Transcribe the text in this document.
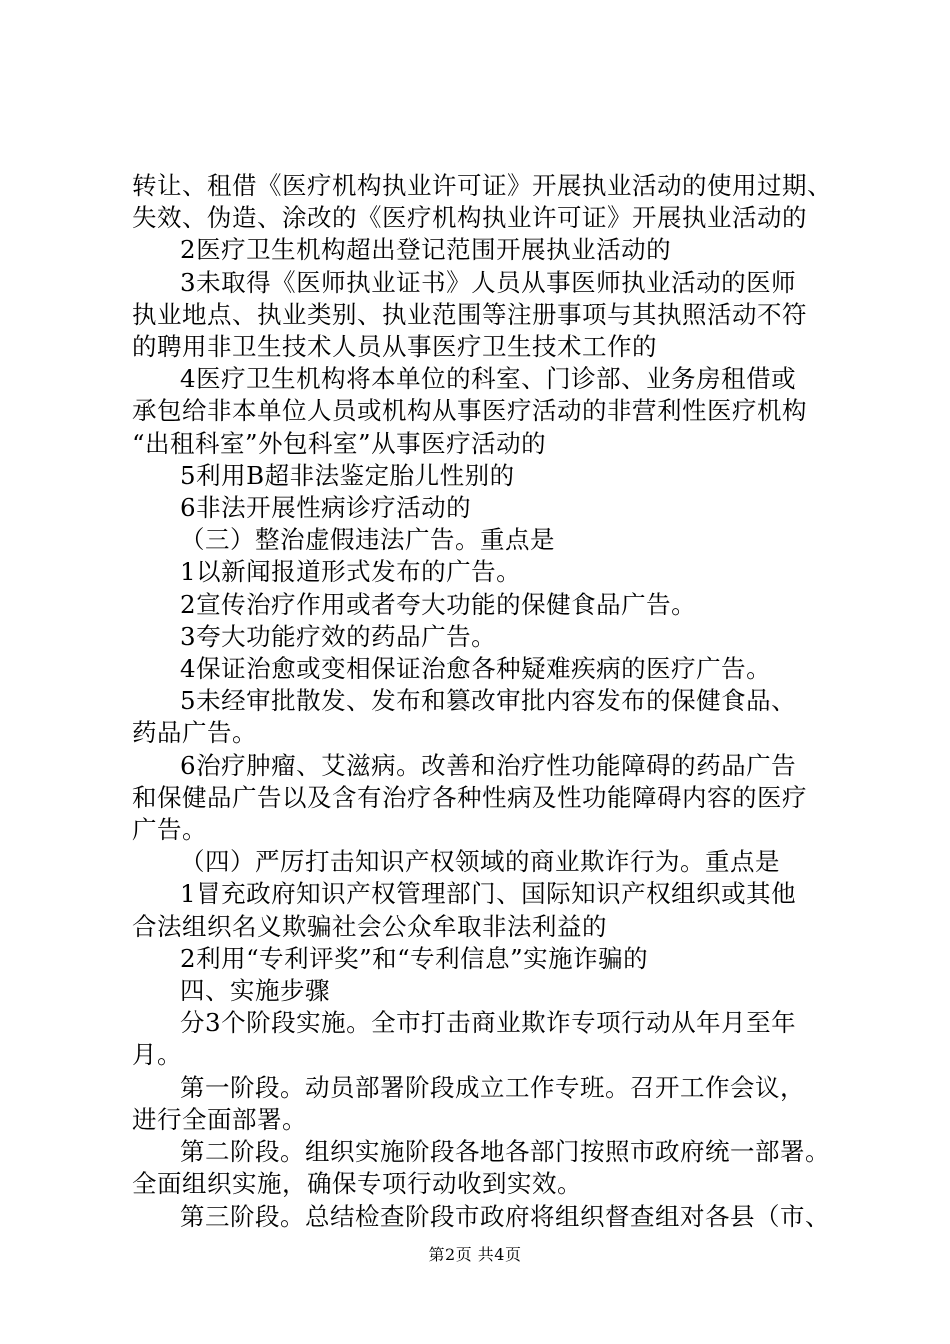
转让、租借《医疗机构执业许可证》开展执业活动的使用过期、

失效、伪造、涂改的《医疗机构执业许可证》开展执业活动的

2医疗卫生机构超出登记范围开展执业活动的

3未取得《医师执业证书》人员从事医师执业活动的医师

执业地点、执业类别、执业范围等注册事项与其执照活动不符

的聘用非卫生技术人员从事医疗卫生技术工作的

4医疗卫生机构将本单位的科室、门诊部、业务房租借或

承包给非本单位人员或机构从事医疗活动的非营利性医疗机构

“出租科室”外包科室”从事医疗活动的

5利用B超非法鉴定胎儿性别的

6非法开展性病诊疗活动的

（三）整治虚假违法广告。重点是

1以新闻报道形式发布的广告。

2宣传治疗作用或者夸大功能的保健食品广告。

3夸大功能疗效的药品广告。

4保证治愈或变相保证治愈各种疑难疾病的医疗广告。

5未经审批散发、发布和篡改审批内容发布的保健食品、

药品广告。

6治疗肿瘤、艾滋病。改善和治疗性功能障碍的药品广告

和保健品广告以及含有治疗各种性病及性功能障碍内容的医疗

广告。

（四）严厉打击知识产权领域的商业欺诈行为。重点是

1冒充政府知识产权管理部门、国际知识产权组织或其他

合法组织名义欺骗社会公众牟取非法利益的

2利用“专利评奖”和“专利信息”实施诈骗的

四、实施步骤

分3个阶段实施。全市打击商业欺诈专项行动从年月至年

月。

第一阶段。动员部署阶段成立工作专班。召开工作会议，

进行全面部署。

第二阶段。组织实施阶段各地各部门按照市政府统一部署。

全面组织实施，确保专项行动收到实效。

第三阶段。总结检查阶段市政府将组织督查组对各县（市、

第2页 共4页
